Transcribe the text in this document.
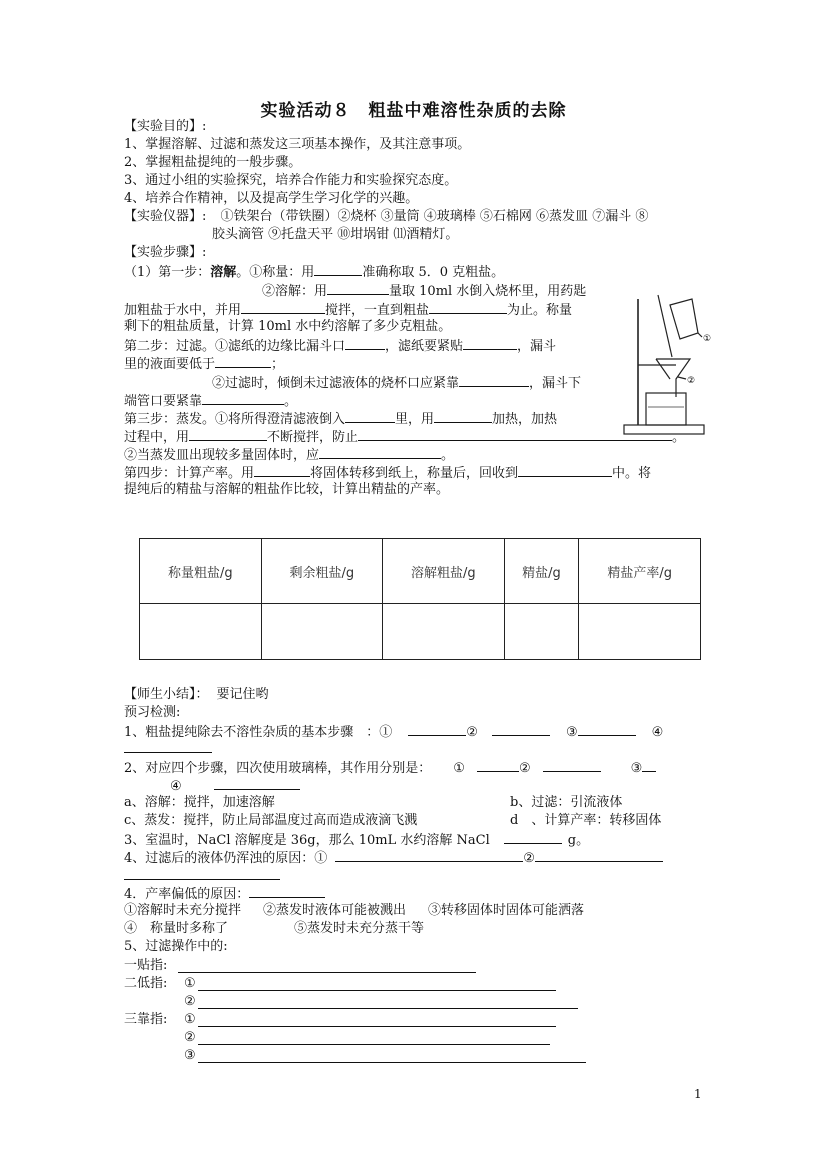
实验活动８　粗盐中难溶性杂质的去除
【实验目的】:
1、掌握溶解、过滤和蒸发这三项基本操作，及其注意事项。
2、掌握粗盐提纯的一般步骤。
3、通过小组的实验探究，培养合作能力和实验探究态度。
4、培养合作精神，以及提高学生学习化学的兴趣。
【实验仪器】: ①铁架台（带铁圈）②烧杯 ③量筒 ④玻璃棒 ⑤石棉网 ⑥蒸发皿 ⑦漏斗 ⑧
胶头滴管 ⑨托盘天平 ⑩坩埚钳 ⑾酒精灯。
【实验步骤】:
（1）第一步：溶解。①称量：用	准确称取 5．0 克粗盐。
②溶解：用	量取 10ml 水倒入烧杯里，用药匙
加粗盐于水中，并用	搅拌，一直到粗盐	为止。称量
剩下的粗盐质量，计算 10ml 水中约溶解了多少克粗盐。
第二步：过滤。①滤纸的边缘比漏斗口	，滤纸要紧贴	，漏斗
里的液面要低于	；
②过滤时，倾倒未过滤液体的烧杯口应紧靠	，漏斗下
端管口要紧靠	。
第三步：蒸发。①将所得澄清滤液倒入	里，用	加热，加热
过程中，用	不断搅拌，防止	。
②当蒸发皿出现较多量固体时，应	。
第四步：计算产率。用	将固体转移到纸上，称量后，回收到	中。将
提纯后的精盐与溶解的粗盐作比较，计算出精盐的产率。
①
②
称量粗盐/g	剩余粗盐/g	溶解粗盐/g	精盐/g	精盐产率/g

【师生小结】： 要记住哟
预习检测:
1、粗盐提纯除去不溶性杂质的基本步骤　：①	②	③	④
2、对应四个步骤，四次使用玻璃棒，其作用分别是： ①	②	③
④
a、溶解：搅拌，加速溶解	b、过滤：引流液体
c、蒸发：搅拌，防止局部温度过高而造成液滴飞溅	d　、计算产率：转移固体
3、室温时，NaCl 溶解度是 36g，那么 10mL 水约溶解 NaCl	g。
4、过滤后的液体仍浑浊的原因：①	②
4．产率偏低的原因：
①溶解时未充分搅拌 ②蒸发时液体可能被溅出 ③转移固体时固体可能洒落
④　称量时多称了	⑤蒸发时未充分蒸干等
5、过滤操作中的:
一贴指:
二低指: ①
②
三靠指: ①
②
③
1
